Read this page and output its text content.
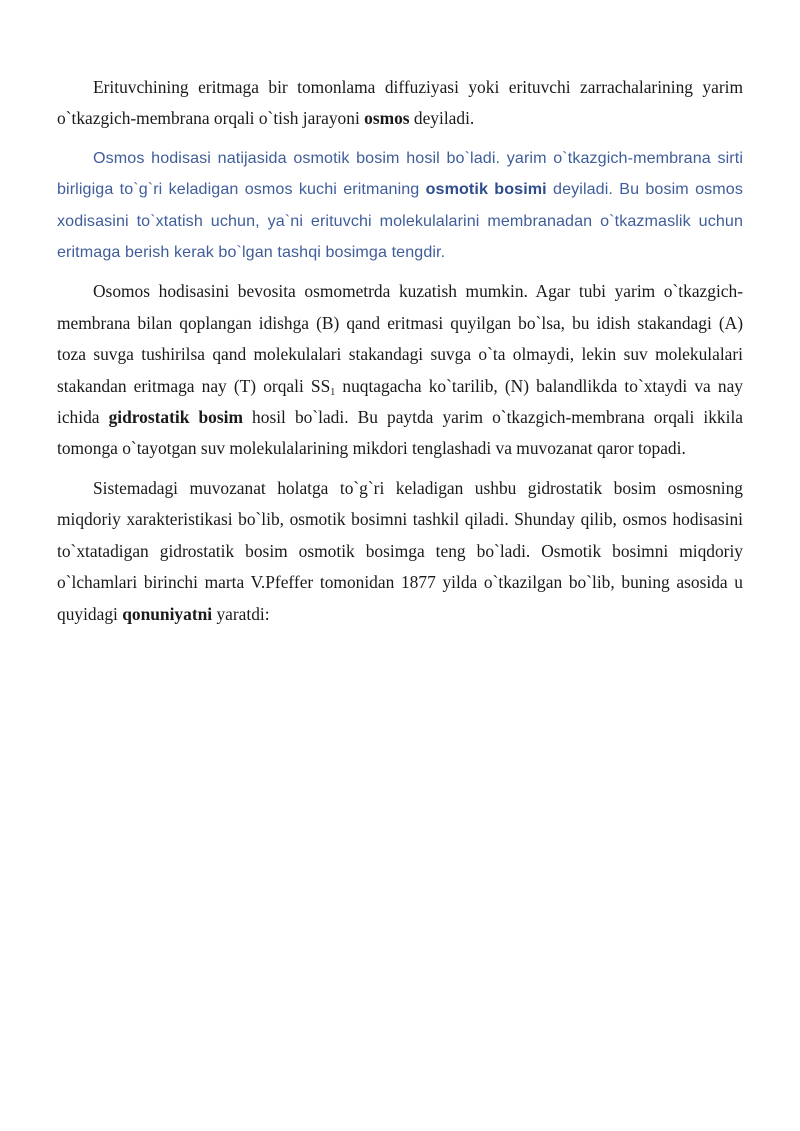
Erituvchining eritmaga bir tomonlama diffuziyasi yoki erituvchi zarrachalarining yarim o`tkazgich-membrana orqali o`tish jarayoni osmos deyiladi.

Osmos hodisasi natijasida osmotik bosim hosil bo`ladi. yarim o`tkazgich-membrana sirti birligiga to`g`ri keladigan osmos kuchi eritmaning osmotik bosimi deyiladi. Bu bosim osmos xodisasini to`xtatish uchun, ya`ni erituvchi molekulalarini membranadan o`tkazmaslik uchun eritmaga berish kerak bo`lgan tashqi bosimga tengdir.

Osomos hodisasini bevosita osmometrda kuzatish mumkin. Agar tubi yarim o`tkazgich-membrana bilan qoplangan idishga (B) qand eritmasi quyilgan bo`lsa, bu idish stakandagi (A) toza suvga tushirilsa qand molekulalari stakandagi suvga o`ta olmaydi, lekin suv molekulalari stakandan eritmaga nay (T) orqali $SS_1$ nuqtagacha ko`tarilib, (N) balandlikda to`xtaydi va nay ichida gidrostatik bosim hosil bo`ladi. Bu paytda yarim o`tkazgich-membrana orqali ikkila tomonga o`tayotgan suv molekulalarining mikdori tenglashadi va muvozanat qaror topadi.

Sistemadagi muvozanat holatga to`g`ri keladigan ushbu gidrostatik bosim osmosning miqdoriy xarakteristikasi bo`lib, osmotik bosimni tashkil qiladi. Shunday qilib, osmos hodisasini to`xtatadigan gidrostatik bosim osmotik bosimga teng bo`ladi. Osmotik bosimni miqdoriy o`lchamlari birinchi marta V.Pfeffer tomonidan 1877 yilda o`tkazilgan bo`lib, buning asosida u quyidagi qonuniyatni yaratdi:
